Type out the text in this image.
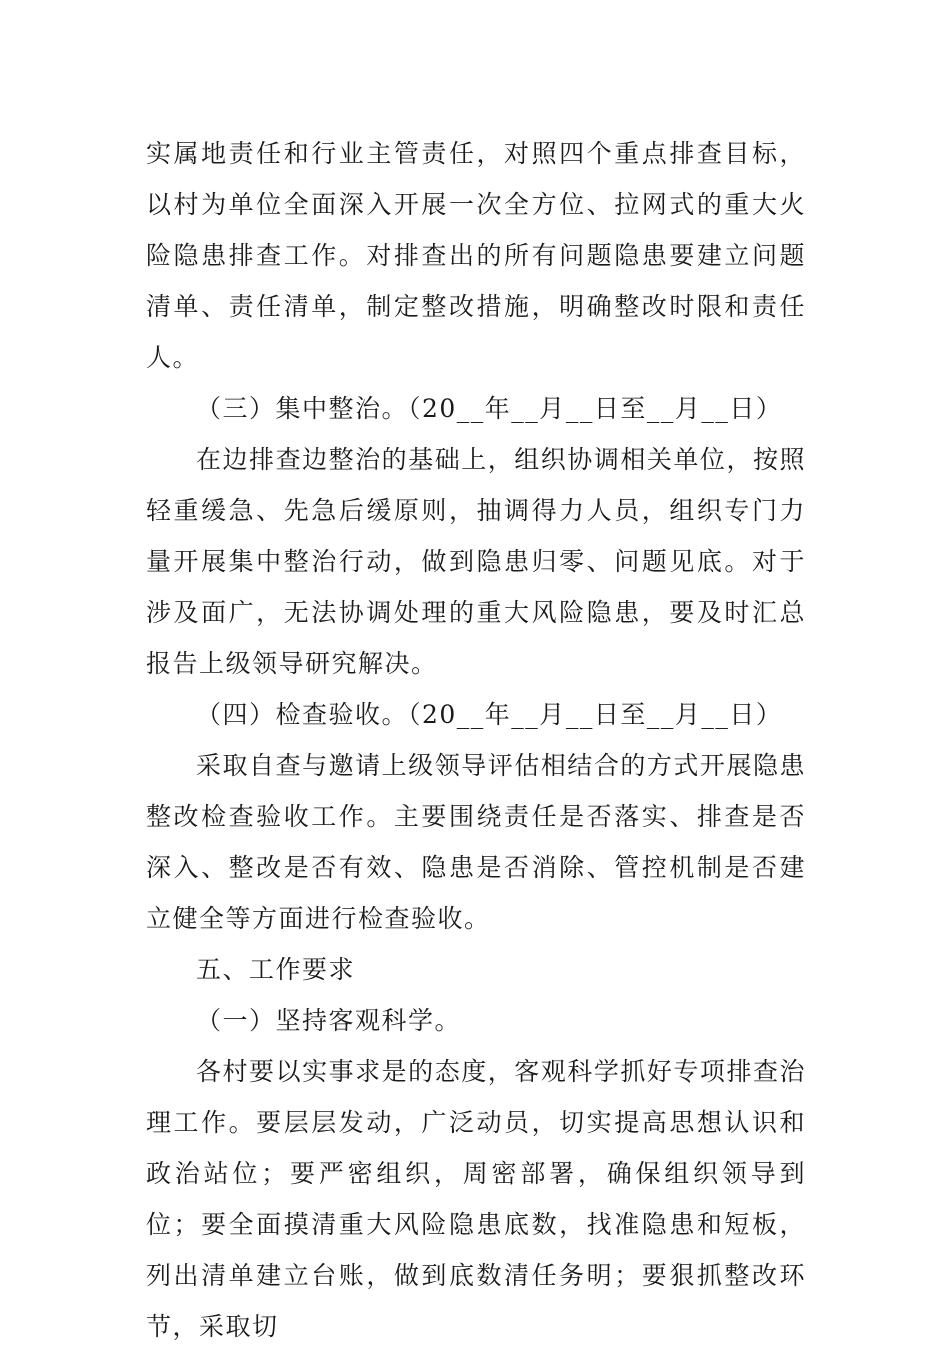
实属地责任和行业主管责任，对照四个重点排查目标，以村为单位全面深入开展一次全方位、拉网式的重大火险隐患排查工作。对排查出的所有问题隐患要建立问题清单、责任清单，制定整改措施，明确整改时限和责任人。

（三）集中整治。（20__年__月__日至__月__日）

在边排查边整治的基础上，组织协调相关单位，按照轻重缓急、先急后缓原则，抽调得力人员，组织专门力量开展集中整治行动，做到隐患归零、问题见底。对于涉及面广，无法协调处理的重大风险隐患，要及时汇总报告上级领导研究解决。

（四）检查验收。（20__年__月__日至__月__日）

采取自查与邀请上级领导评估相结合的方式开展隐患整改检查验收工作。主要围绕责任是否落实、排查是否深入、整改是否有效、隐患是否消除、管控机制是否建立健全等方面进行检查验收。

五、工作要求

（一）坚持客观科学。

各村要以实事求是的态度，客观科学抓好专项排查治理工作。要层层发动，广泛动员，切实提高思想认识和政治站位；要严密组织，周密部署，确保组织领导到位；要全面摸清重大风险隐患底数，找准隐患和短板，列出清单建立台账，做到底数清任务明；要狠抓整改环节，采取切
